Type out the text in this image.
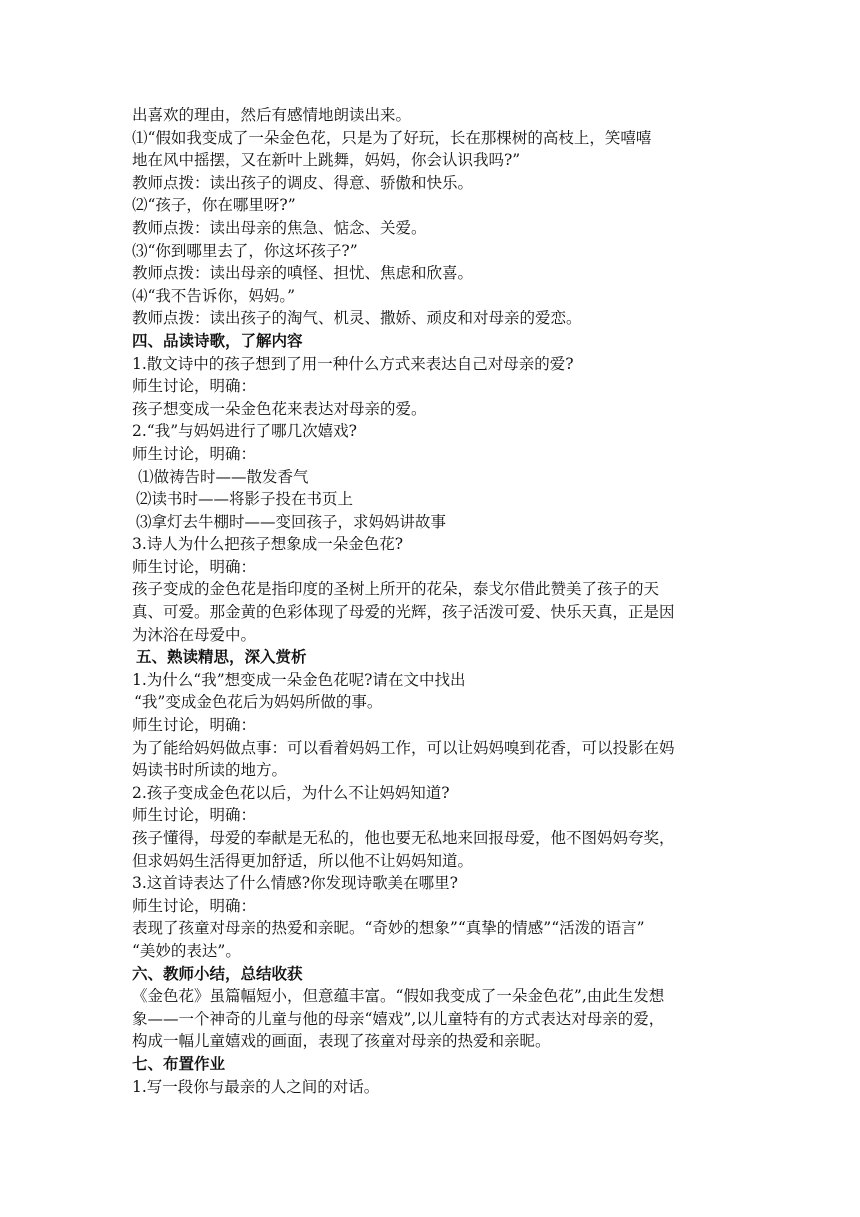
出喜欢的理由，然后有感情地朗读出来。
⑴“假如我变成了一朵金色花，只是为了好玩，长在那棵树的高枝上，笑嘻嘻
地在风中摇摆，又在新叶上跳舞，妈妈，你会认识我吗?”
教师点拨：读出孩子的调皮、得意、骄傲和快乐。
⑵“孩子，你在哪里呀?”
教师点拨：读出母亲的焦急、惦念、关爱。
⑶“你到哪里去了，你这坏孩子?”
教师点拨：读出母亲的嗔怪、担忧、焦虑和欣喜。
⑷“我不告诉你，妈妈。”
教师点拨：读出孩子的淘气、机灵、撒娇、顽皮和对母亲的爱恋。
四、品读诗歌，了解内容
1.散文诗中的孩子想到了用一种什么方式来表达自己对母亲的爱?
师生讨论，明确：
孩子想变成一朵金色花来表达对母亲的爱。
2.“我”与妈妈进行了哪几次嬉戏?
师生讨论，明确：
⑴做祷告时——散发香气
⑵读书时——将影子投在书页上
⑶拿灯去牛棚时——变回孩子，求妈妈讲故事
3.诗人为什么把孩子想象成一朵金色花?
师生讨论，明确：
孩子变成的金色花是指印度的圣树上所开的花朵，泰戈尔借此赞美了孩子的天
真、可爱。那金黄的色彩体现了母爱的光辉，孩子活泼可爱、快乐天真，正是因
为沐浴在母爱中。
五、熟读精思，深入赏析
1.为什么“我”想变成一朵金色花呢?请在文中找出
“我”变成金色花后为妈妈所做的事。
师生讨论，明确：
为了能给妈妈做点事：可以看着妈妈工作，可以让妈妈嗅到花香，可以投影在妈
妈读书时所读的地方。
2.孩子变成金色花以后，为什么不让妈妈知道?
师生讨论，明确：
孩子懂得，母爱的奉献是无私的，他也要无私地来回报母爱，他不图妈妈夸奖，
但求妈妈生活得更加舒适，所以他不让妈妈知道。
3.这首诗表达了什么情感?你发现诗歌美在哪里?
师生讨论，明确：
表现了孩童对母亲的热爱和亲昵。“奇妙的想象”“真挚的情感”“活泼的语言”
“美妙的表达”。
六、教师小结，总结收获
《金色花》虽篇幅短小，但意蕴丰富。“假如我变成了一朵金色花”,由此生发想
象——一个神奇的儿童与他的母亲“嬉戏”,以儿童特有的方式表达对母亲的爱，
构成一幅儿童嬉戏的画面，表现了孩童对母亲的热爱和亲昵。
七、布置作业
1.写一段你与最亲的人之间的对话。
